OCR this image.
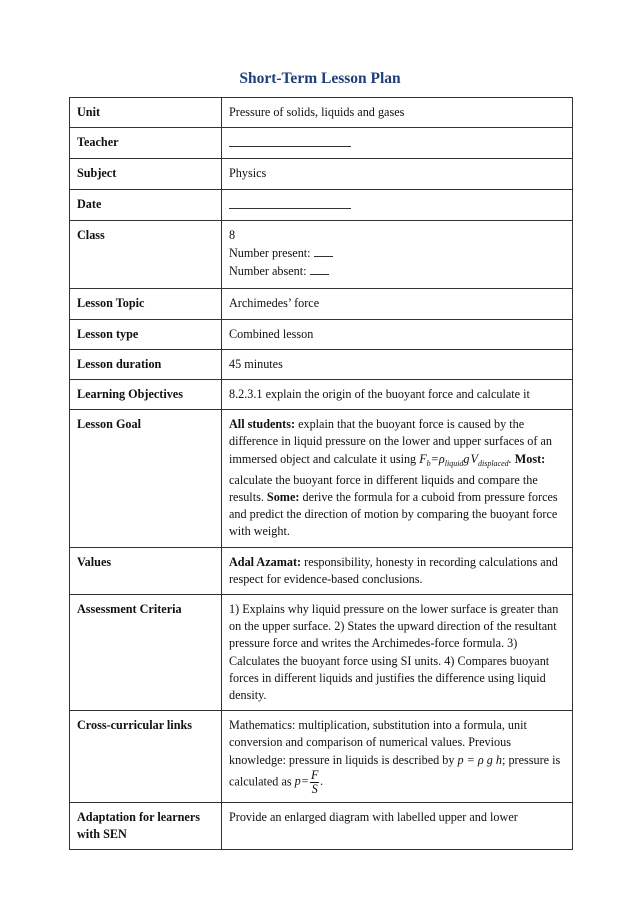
Short-Term Lesson Plan
Unit	Pressure of solids, liquids and gases
Teacher	
Subject	Physics
Date	
Class	8
Number present:
Number absent:

Lesson Topic	Archimedes’ force
Lesson type	Combined lesson
Lesson duration	45 minutes
Learning Objectives	8.2.3.1 explain the origin of the buoyant force and calculate it
Lesson Goal	All students: explain that the buoyant force is caused by the difference in liquid pressure on the lower and upper surfaces of an immersed object and calculate it using $F_b=\rho_{liquid}g$ $V_{displaced}$. Most: calculate the buoyant force in different liquids and compare the results. Some: derive the formula for a cuboid from pressure forces and predict the direction of motion by comparing the buoyant force with weight.
Values	Adal Azamat: responsibility, honesty in recording calculations and respect for evidence-based conclusions.
Assessment Criteria	1) Explains why liquid pressure on the lower surface is greater than on the upper surface. 2) States the upward direction of the resultant pressure force and writes the Archimedes-force formula. 3) Calculates the buoyant force using SI units. 4) Compares buoyant forces in different liquids and justifies the difference using liquid density.
Cross-curricular links	Mathematics: multiplication, substitution into a formula, unit conversion and comparison of numerical values. Previous knowledge: pressure in liquids is described by p = ρ g h; pressure is calculated as $p= \frac{F}{S}$ .
Adaptation for learners with SEN	Provide an enlarged diagram with labelled upper and lower
